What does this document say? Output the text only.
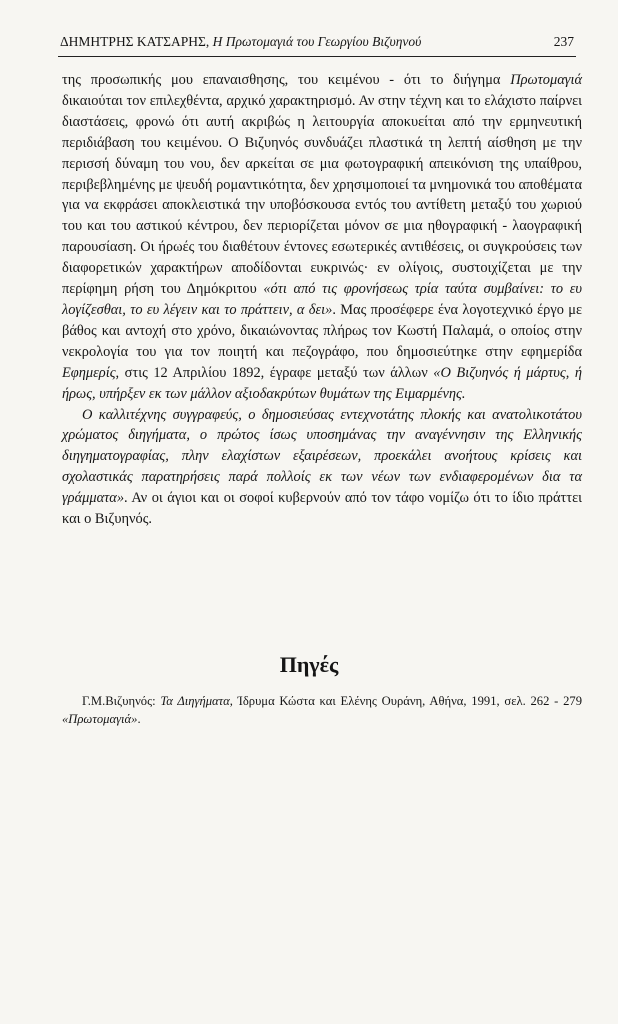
ΔΗΜΗΤΡΗΣ ΚΑΤΣΑΡΗΣ, Η Πρωτομαγιά του Γεωργίου Βιζυηνού	237

της προσωπικής μου επαναισθησης, του κειμένου - ότι το διήγημα Πρωτομαγιά δικαιούται τον επιλεχθέντα, αρχικό χαρακτηρισμό. Αν στην τέχνη και το ελάχιστο παίρνει διαστάσεις, φρονώ ότι αυτή ακριβώς η λειτουργία αποκυείται από την ερμηνευτική περιδιάβαση του κειμένου. Ο Βιζυηνός συνδυάζει πλαστικά τη λεπτή αίσθηση με την περισσή δύναμη του νου, δεν αρκείται σε μια φωτογραφική απεικόνιση της υπαίθρου, περιβεβλημένης με ψευδή ρομαντικότητα, δεν χρησιμοποιεί τα μνημονικά του αποθέματα για να εκφράσει αποκλειστικά την υποβόσκουσα εντός του αντίθετη μεταξύ του χωριού του και του αστικού κέντρου, δεν περιορίζεται μόνον σε μια ηθογραφική - λαογραφική παρουσίαση. Οι ήρωές του διαθέτουν έντονες εσωτερικές αντιθέσεις, οι συγκρούσεις των διαφορετικών χαρακτήρων αποδίδονται ευκρινώς· εν ολίγοις, συστοιχίζεται με την περίφημη ρήση του Δημόκριτου «ότι από τις φρονήσεως τρία ταύτα συμβαίνει: το ευ λογίζεσθαι, το ευ λέγειν και το πράττειν, α δει». Μας προσέφερε ένα λογοτεχνικό έργο με βάθος και αντοχή στο χρόνο, δικαιώνοντας πλήρως τον Κωστή Παλαμά, ο οποίος στην νεκρολογία του για τον ποιητή και πεζογράφο, που δημοσιεύτηκε στην εφημερίδα Εφημερίς, στις 12 Απριλίου 1892, έγραφε μεταξύ των άλλων «Ο Βιζυηνός ή μάρτυς, ή ήρως, υπήρξεν εκ των μάλλον αξιοδακρύτων θυμάτων της Ειμαρμένης.

Ο καλλιτέχνης συγγραφεύς, ο δημοσιεύσας εντεχνοτάτης πλοκής και ανατολικοτάτου χρώματος διηγήματα, ο πρώτος ίσως υποσημάνας την αναγέννησιν της Ελληνικής διηγηματογραφίας, πλην ελαχίστων εξαιρέσεων, προεκάλει ανοήτους κρίσεις και σχολαστικάς παρατηρήσεις παρά πολλοίς εκ των νέων των ενδιαφερομένων δια τα γράμματα». Αν οι άγιοι και οι σοφοί κυβερνούν από τον τάφο νομίζω ότι το ίδιο πράττει και ο Βιζυηνός.

Πηγές
Γ.Μ.Βιζυηνός: Τα Διηγήματα, Ίδρυμα Κώστα και Ελένης Ουράνη, Αθήνα, 1991, σελ. 262 - 279 «Πρωτομαγιά».
